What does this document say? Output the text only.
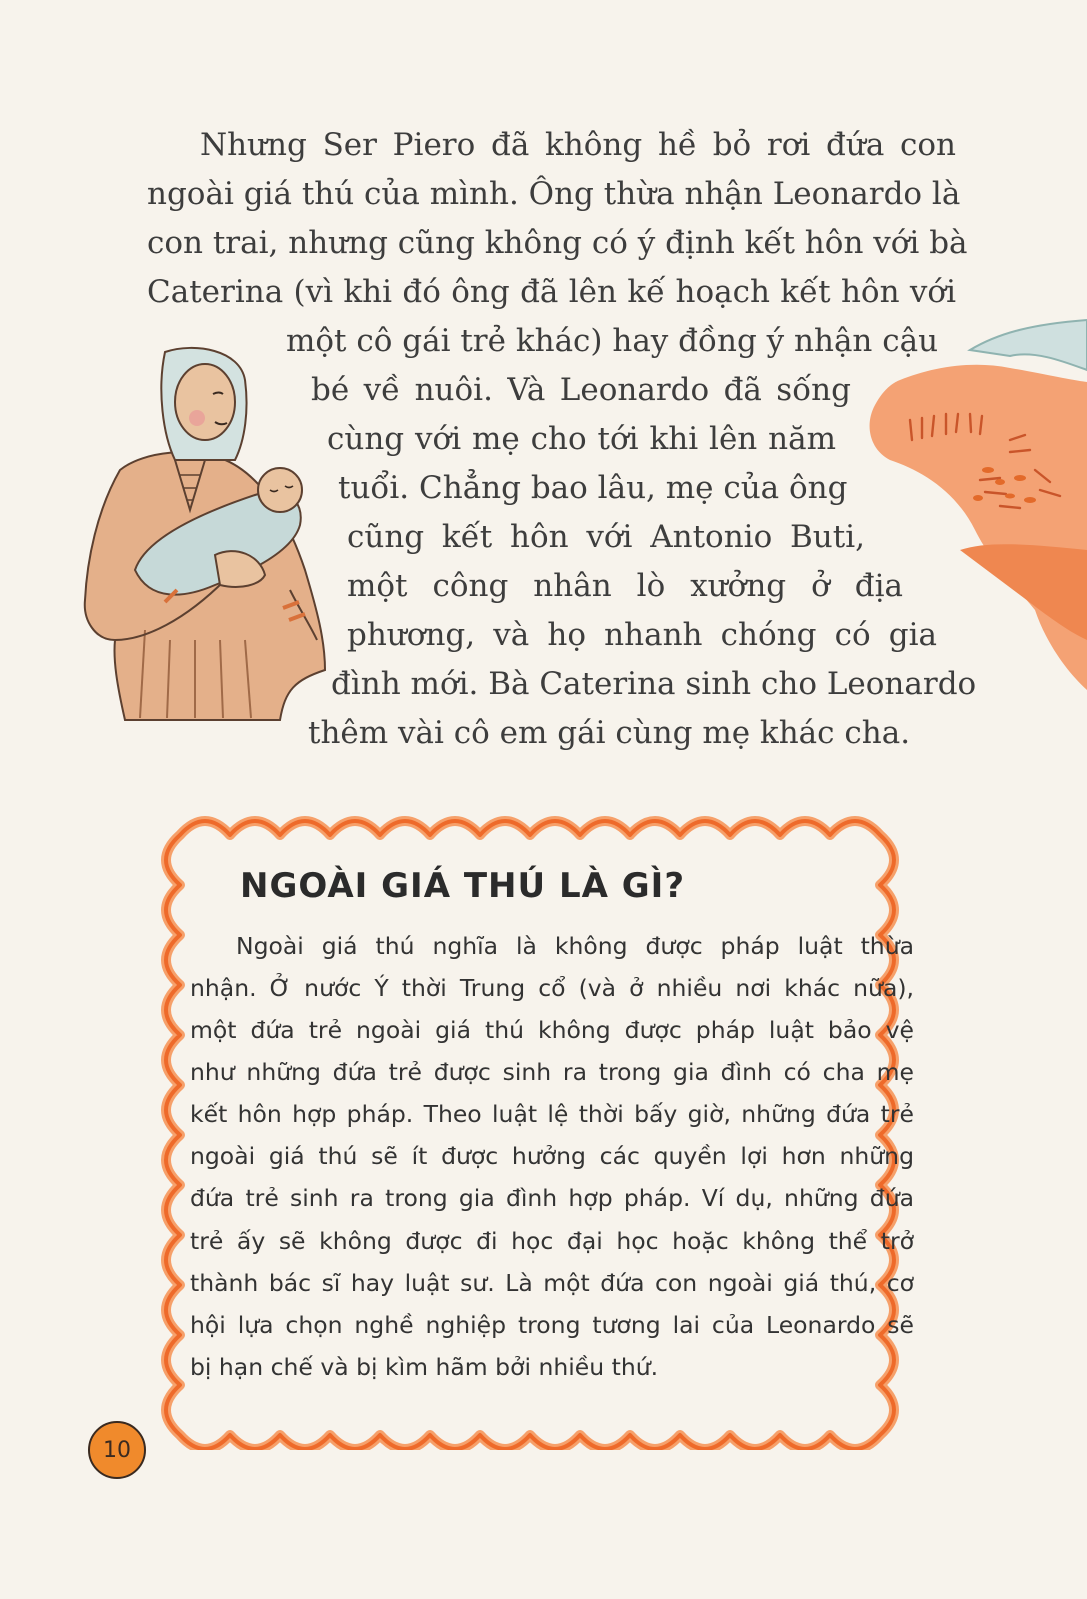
Nhưng Ser Piero đã không hề bỏ rơi đứa con
ngoài giá thú của mình. Ông thừa nhận Leonardo là
con trai, nhưng cũng không có ý định kết hôn với bà
Caterina (vì khi đó ông đã lên kế hoạch kết hôn với
một cô gái trẻ khác) hay đồng ý nhận cậu
bé về nuôi. Và Leonardo đã sống
cùng với mẹ cho tới khi lên năm
tuổi. Chẳng bao lâu, mẹ của ông
cũng kết hôn với Antonio Buti,
một công nhân lò xưởng ở địa
phương, và họ nhanh chóng có gia
đình mới. Bà Caterina sinh cho Leonardo
thêm vài cô em gái cùng mẹ khác cha.
NGOÀI GIÁ THÚ LÀ GÌ?
Ngoài giá thú nghĩa là không được pháp luật thừa
nhận. Ở nước Ý thời Trung cổ (và ở nhiều nơi khác nữa),
một đứa trẻ ngoài giá thú không được pháp luật bảo vệ
như những đứa trẻ được sinh ra trong gia đình có cha mẹ
kết hôn hợp pháp. Theo luật lệ thời bấy giờ, những đứa trẻ
ngoài giá thú sẽ ít được hưởng các quyền lợi hơn những
đứa trẻ sinh ra trong gia đình hợp pháp. Ví dụ, những đứa
trẻ ấy sẽ không được đi học đại học hoặc không thể trở
thành bác sĩ hay luật sư. Là một đứa con ngoài giá thú, cơ
hội lựa chọn nghề nghiệp trong tương lai của Leonardo sẽ
bị hạn chế và bị kìm hãm bởi nhiều thứ.
10
